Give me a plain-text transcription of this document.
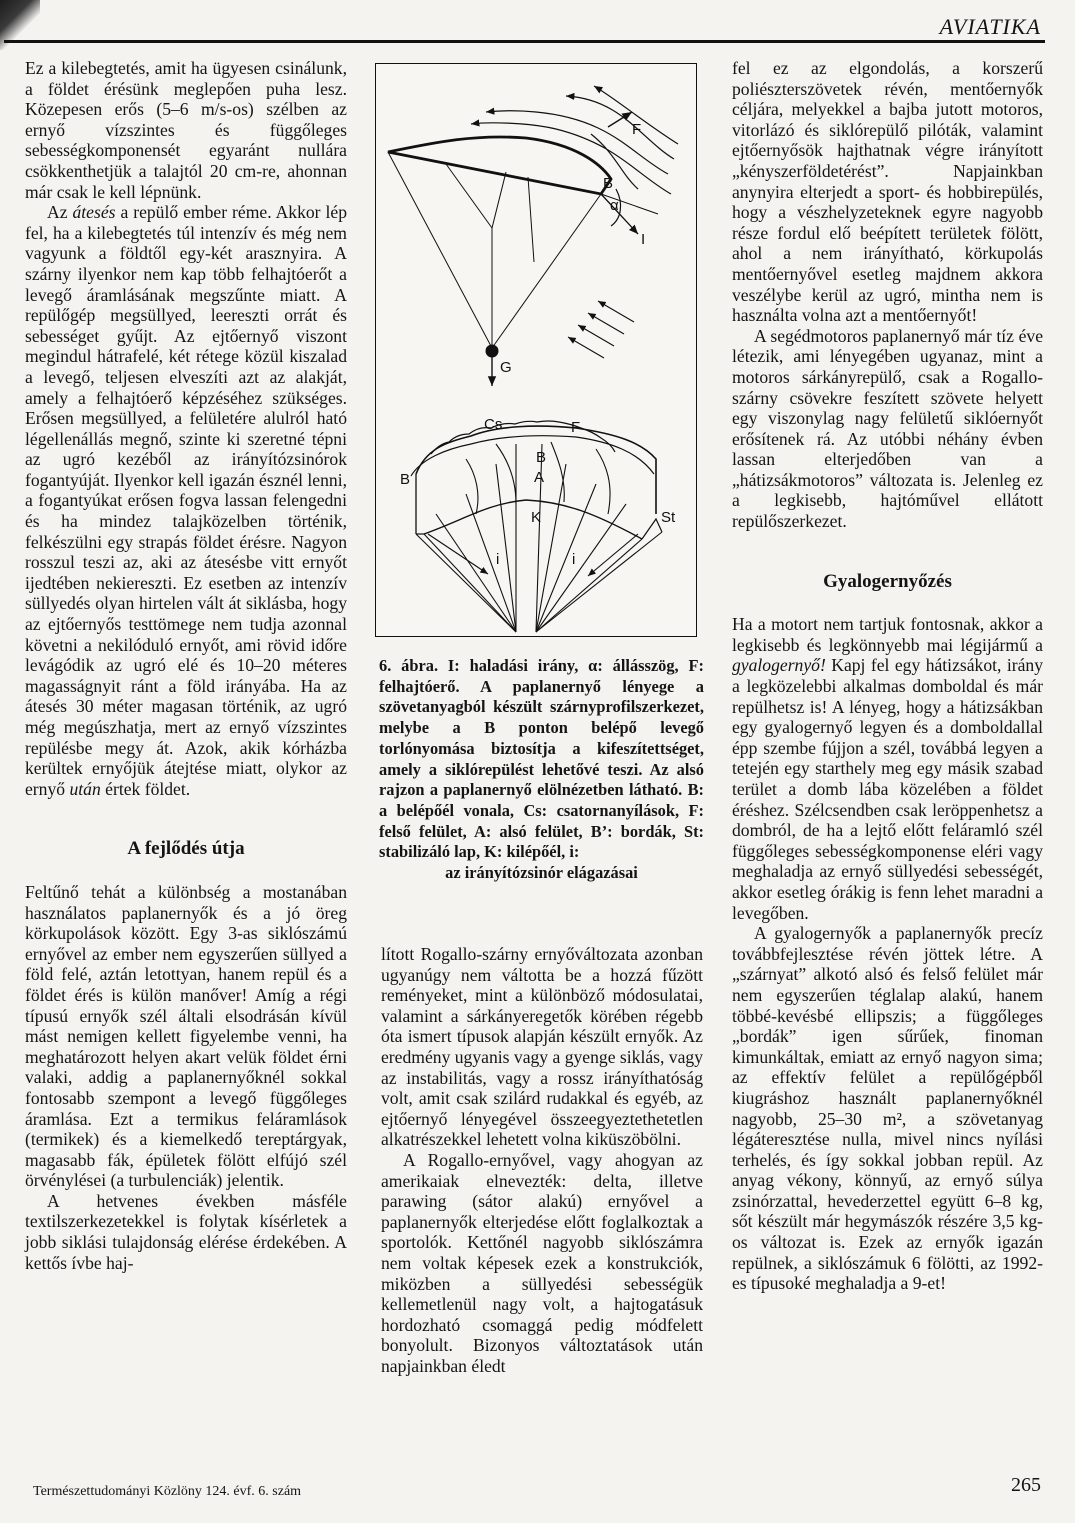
AVIATIKA

Ez a kilebegtetés, amit ha ügyesen csinálunk, a földet érésünk meglepően puha lesz. Közepesen erős (5–6 m/s-os) szélben az ernyő vízszintes és függőleges sebességkomponensét egyaránt nullára csökkenthetjük a talajtól 20 cm-re, ahonnan már csak le kell lépnünk.

Az átesés a repülő ember réme. Akkor lép fel, ha a kilebegtetés túl intenzív és még nem vagyunk a földtől egy-két arasznyira. A szárny ilyenkor nem kap több felhajtóerőt a levegő áramlásának megszűnte miatt. A repülőgép megsüllyed, leereszti orrát és sebességet gyűjt. Az ejtőernyő viszont megindul hátrafelé, két rétege közül kiszalad a levegő, teljesen elveszíti azt az alakját, amely a felhajtóerő képzéséhez szükséges. Erősen megsüllyed, a felületére alulról ható légellenállás megnő, szinte ki szeretné tépni az ugró kezéből az irányítózsinórok fogantyúját. Ilyenkor kell igazán észnél lenni, a fogantyúkat erősen fogva lassan felengedni és ha mindez talajközelben történik, felkészülni egy strapás földet érésre. Nagyon rosszul teszi az, aki az átesésbe vitt ernyőt ijedtében nekiereszti. Ez esetben az intenzív süllyedés olyan hirtelen vált át siklásba, hogy az ejtőernyős testtömege nem tudja azonnal követni a nekilóduló ernyőt, ami rövid időre levágódik az ugró elé és 10–20 méteres magasságnyit ránt a föld irányába. Ha az átesés 30 méter magasan történik, az ugró még megúszhatja, mert az ernyő vízszintes repülésbe megy át. Azok, akik kórházba kerültek ernyőjük átejtése miatt, olykor az ernyő után értek földet.

A fejlődés útja

Feltűnő tehát a különbség a mostanában használatos paplanernyők és a jó öreg körkupolások között. Egy 3-as siklószámú ernyővel az ember nem egyszerűen süllyed a föld felé, aztán letottyan, hanem repül és a földet érés is külön manőver! Amíg a régi típusú ernyők szél általi elsodrásán kívül mást nemigen kellett figyelembe venni, ha meghatározott helyen akart velük földet érni valaki, addig a paplanernyőknél sokkal fontosabb szempont a levegő függőleges áramlása. Ezt a termikus feláramlások (termikek) és a kiemelkedő tereptárgyak, magasabb fák, épületek fölött elfújó szél örvénylései (a turbulenciák) jelentik.

A hetvenes években másféle textilszerkezetekkel is folytak kísérletek a jobb siklási tulajdonság elérése érdekében. A kettős ívbe haj-

F
B
α
I
G
Cs	F
B
A
B
K	St
i	i
6. ábra. I: haladási irány, α: állásszög, F: felhajtóerő. A paplanernyő lényege a szövetanyagból készült szárnyprofilszerkezet, melybe a B ponton belépő levegő torlónyomása biztosítja a kifeszítettséget, amely a siklórepülést lehetővé teszi. Az alsó rajzon a paplanernyő elölnézetben látható. B: a belépőél vonala, Cs: csatornanyílások, F: felső felület, A: alsó felület, B’: bordák, St: stabilizáló lap, K: kilépőél, i:
az irányítózsinór elágazásai

lított Rogallo-szárny ernyőváltozata azonban ugyanúgy nem váltotta be a hozzá fűzött reményeket, mint a különböző módosulatai, valamint a sárkányeregetők körében régebb óta ismert típusok alapján készült ernyők. Az eredmény ugyanis vagy a gyenge siklás, vagy az instabilitás, vagy a rossz irányíthatóság volt, amit csak szilárd rudakkal és egyéb, az ejtőernyő lényegével összeegyeztethetetlen alkatrészekkel lehetett volna kiküszöbölni.

A Rogallo-ernyővel, vagy ahogyan az amerikaiak elnevezték: delta, illetve parawing (sátor alakú) ernyővel a paplanernyők elterjedése előtt foglalkoztak a sportolók. Kettőnél nagyobb siklószámra nem voltak képesek ezek a konstrukciók, miközben a süllyedési sebességük kellemetlenül nagy volt, a hajtogatásuk hordozható csomaggá pedig módfelett bonyolult. Bizonyos változtatások után napjainkban éledt

fel ez az elgondolás, a korszerű poliészterszövetek révén, mentőernyők céljára, melyekkel a bajba jutott motoros, vitorlázó és siklórepülő pilóták, valamint ejtőernyősök hajthatnak végre irányított „kényszerföldetérést”. Napjainkban anynyira elterjedt a sport- és hobbirepülés, hogy a vészhelyzeteknek egyre nagyobb része fordul elő beépített területek fölött, ahol a nem irányítható, körkupolás mentőernyővel esetleg majdnem akkora veszélybe kerül az ugró, mintha nem is használta volna azt a mentőernyőt!

A segédmotoros paplanernyő már tíz éve létezik, ami lényegében ugyanaz, mint a motoros sárkányrepülő, csak a Rogallo-szárny csövekre feszített szövete helyett egy viszonylag nagy felületű siklóernyőt erősítenek rá. Az utóbbi néhány évben lassan elterjedőben van a „hátizsákmotoros” változata is. Jelenleg ez a legkisebb, hajtóművel ellátott repülőszerkezet.

Gyalogernyőzés

Ha a motort nem tartjuk fontosnak, akkor a legkisebb és legkönnyebb mai légijármű a gyalogernyő! Kapj fel egy hátizsákot, irány a legközelebbi alkalmas domboldal és már repülhetsz is! A lényeg, hogy a hátizsákban egy gyalogernyő legyen és a domboldallal épp szembe fújjon a szél, továbbá legyen a tetején egy starthely meg egy másik szabad terület a domb lába közelében a földet éréshez. Szélcsendben csak leröppenhetsz a dombról, de ha a lejtő előtt feláramló szél függőleges sebességkomponense eléri vagy meghaladja az ernyő süllyedési sebességét, akkor esetleg órákig is fenn lehet maradni a levegőben.

A gyalogernyők a paplanernyők precíz továbbfejlesztése révén jöttek létre. A „szárnyat” alkotó alsó és felső felület már nem egyszerűen téglalap alakú, hanem többé-kevésbé ellipszis; a függőleges „bordák” igen sűrűek, finoman kimunkáltak, emiatt az ernyő nagyon sima; az effektív felület a repülőgépből kiugráshoz használt paplanernyőknél nagyobb, 25–30 m², a szövetanyag légáteresztése nulla, mivel nincs nyílási terhelés, és így sokkal jobban repül. Az anyag vékony, könnyű, az ernyő súlya zsinórzattal, hevederzettel együtt 6–8 kg, sőt készült már hegymászók részére 3,5 kg-os változat is. Ezek az ernyők igazán repülnek, a siklószámuk 6 fölötti, az 1992-es típusoké meghaladja a 9-et!

Természettudományi Közlöny 124. évf. 6. szám	265
